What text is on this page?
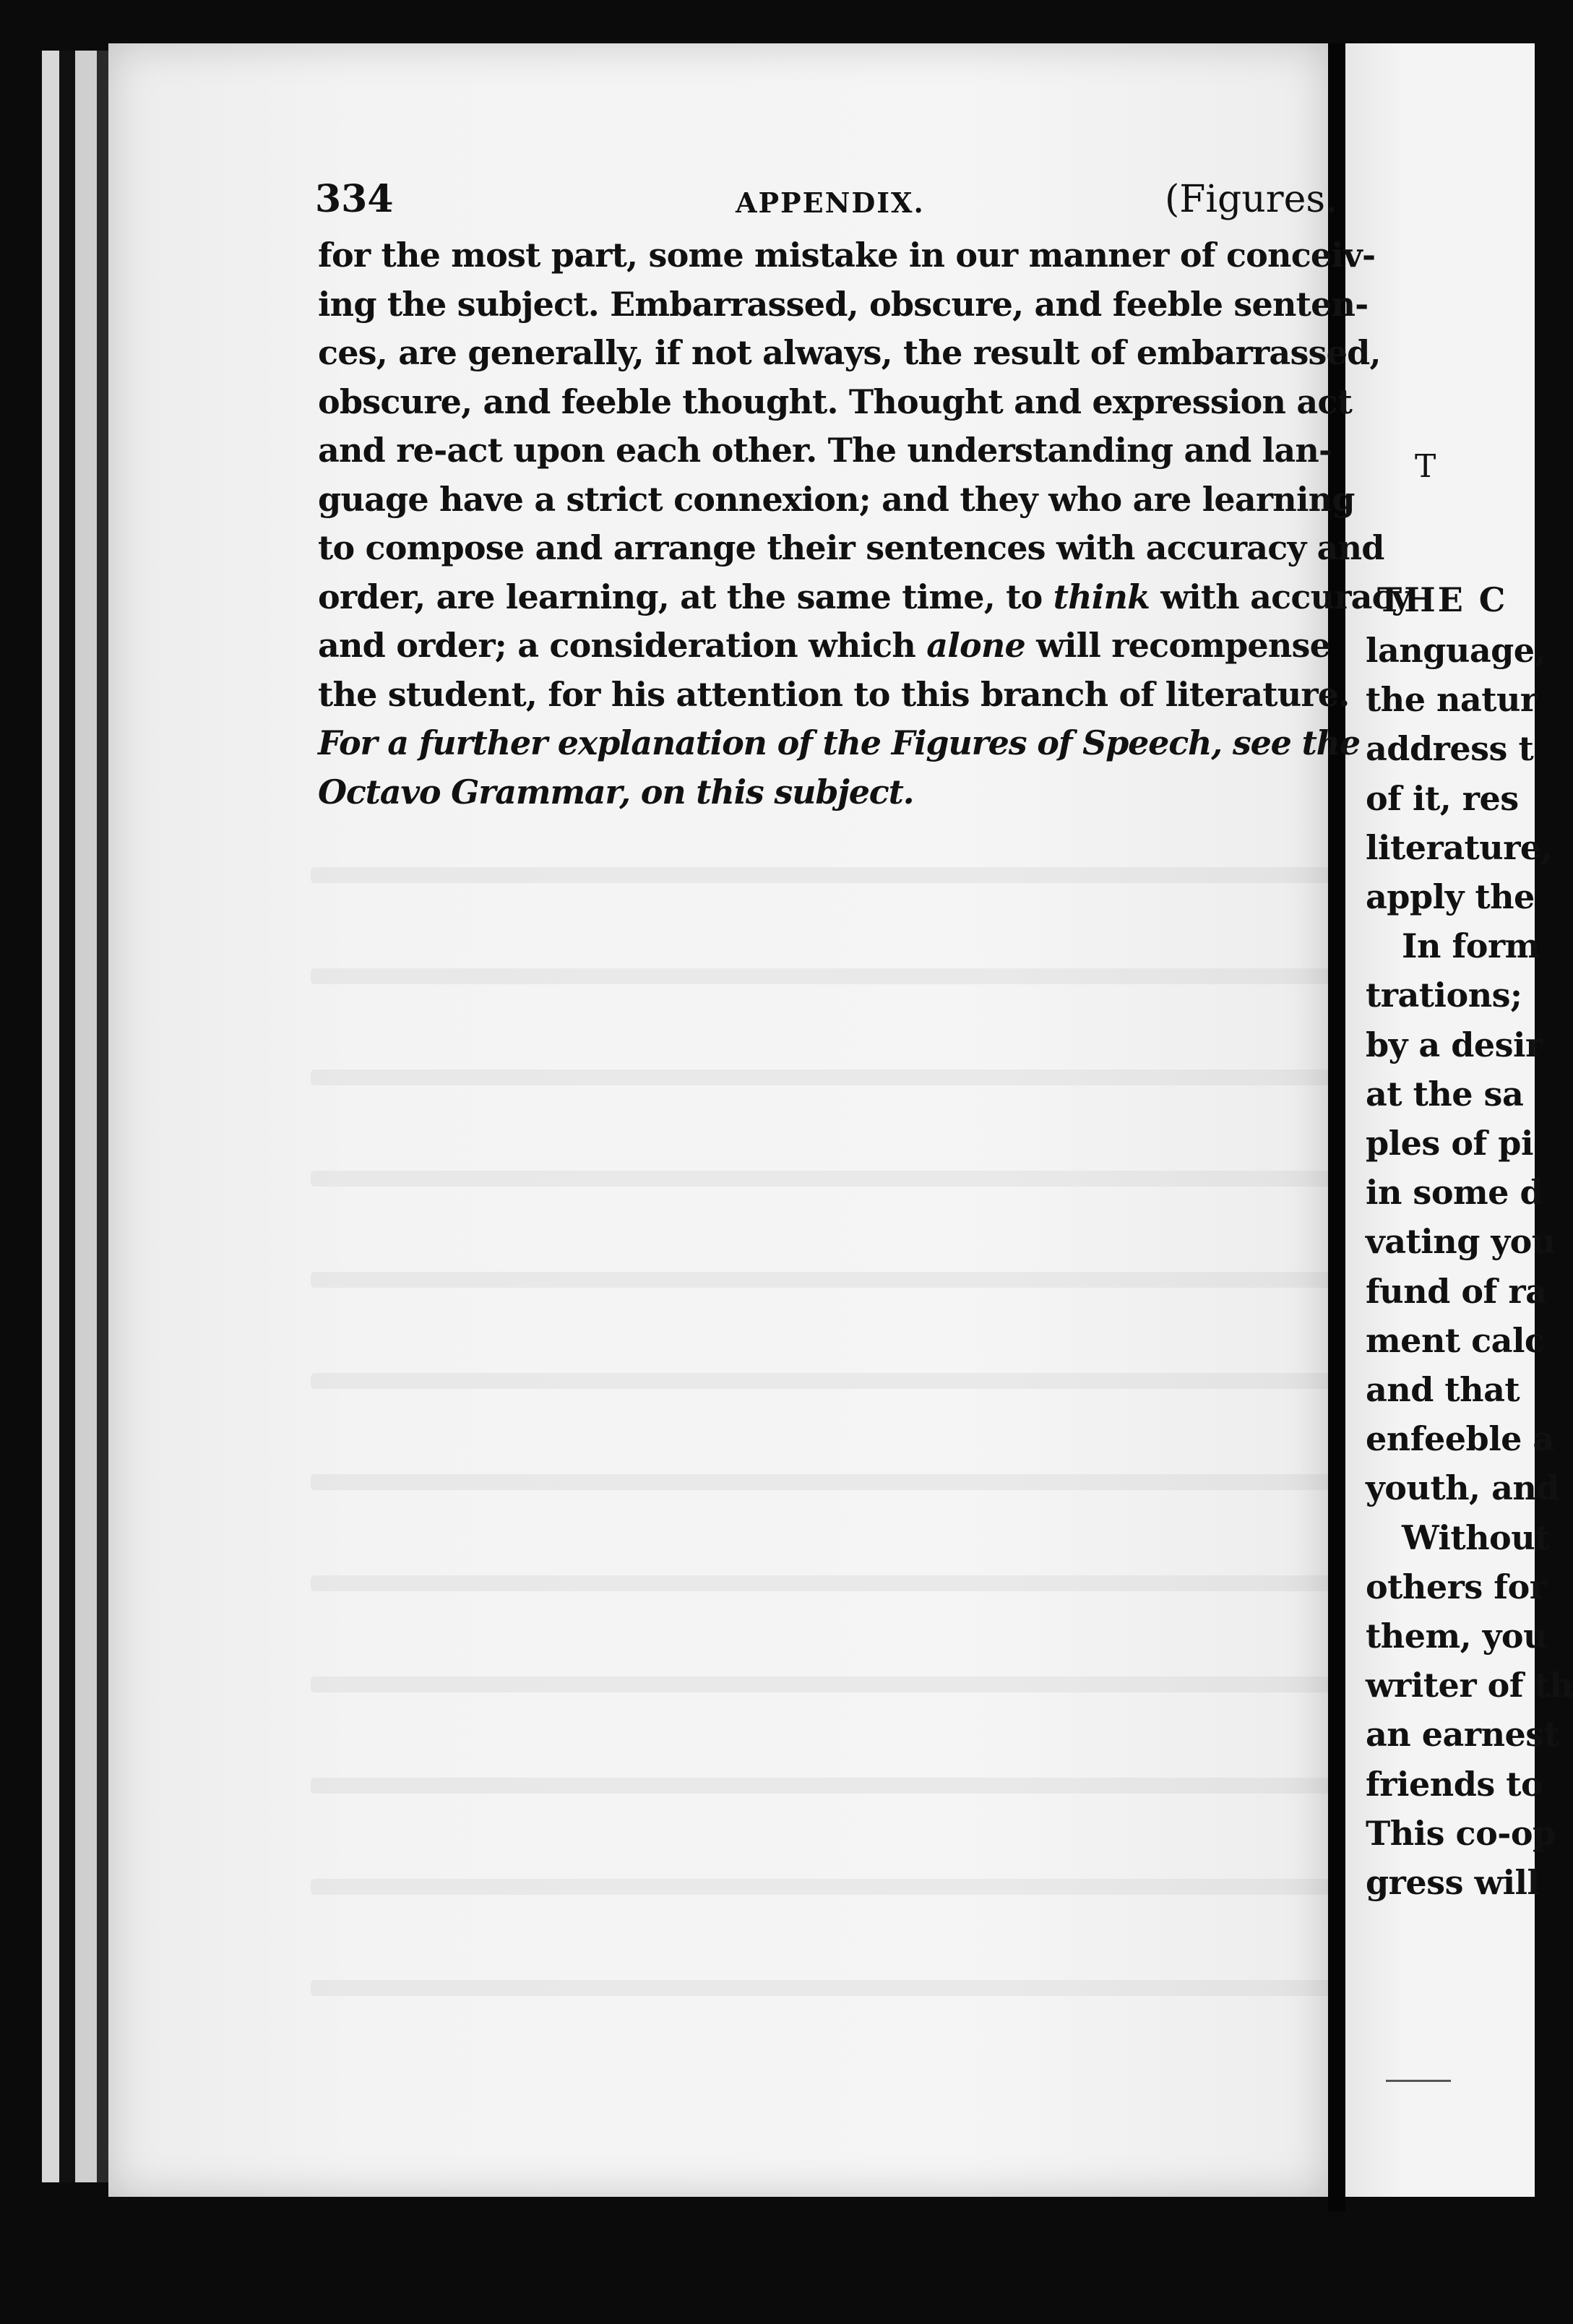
334	APPENDIX.	(Figures.
for the most part, some mistake in our manner of conceiv-
ing the subject. Embarrassed, obscure, and feeble senten-
ces, are generally, if not always, the result of embarrassed,
obscure, and feeble thought. Thought and expression act
and re-act upon each other. The understanding and lan-
guage have a strict connexion; and they who are learning
to compose and arrange their sentences with accuracy and
order, are learning, at the same time, to think with accuracy
and order; a consideration which alone will recompense
the student, for his attention to this branch of literature.
For a further explanation of the Figures of Speech, see the
Octavo Grammar, on this subject.
T
THE C
language,
the natur
address t
of it, res
literature,
apply the
In form
trations;
by a desir
at the sa
ples of pi
in some d
vating you
fund of ra
ment calc
and that
enfeeble a
youth, and
Without
others for
them, you
writer of th
an earnest
friends to
This co-op
gress will
